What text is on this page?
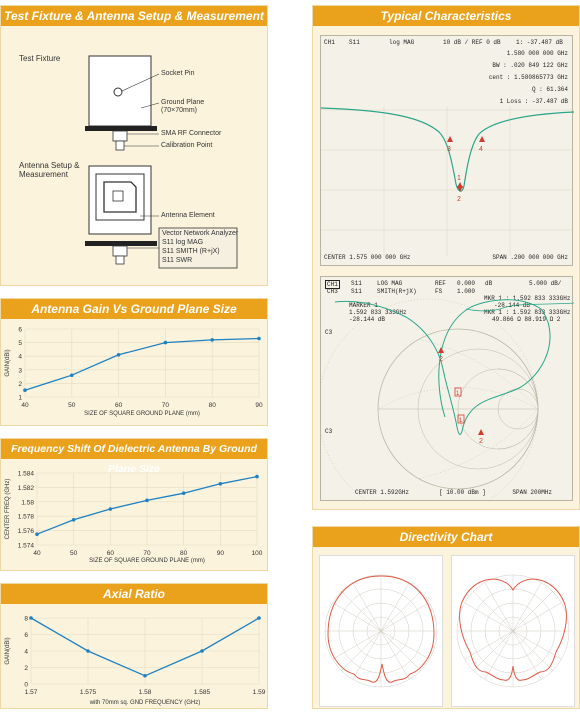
Test Fixture & Antenna Setup & Measurement
Test Fixture
Socket Pin
Ground Plane
(70×70mm)
SMA RF Connector
Calibration Point
Antenna Setup &
Measurement
Antenna Element
Vector Network Analyzer
S11 log MAG
S11 SMITH (R+jX)
S11 SWR
Antenna Gain Vs Ground Plane Size
1
2
3
4
5
6
40	50	60	70	80	90
SIZE OF SQUARE GROUND PLANE (mm)
GAIN(dBi)
Frequency Shift Of Dielectric Antenna By Ground Plane Size
1.574
1.576
1.578
1.58
1.582
1.584
40	50	60	70	80	90	100
SIZE OF SQUARE GROUND PLANE (mm)
CENTER FREQ (GHz)
Axial Ratio
0
2
4
6
8
1.57	1.575	1.58	1.585	1.59
with 70mm sq. GND FREQUENCY (GHz)
GAIN(dBi)
Typical Characteristics
CH1 S11	log MAG	10 dB / REF 0 dB	1: -37.487 dB
1.580 000 000 GHz
BW : .020 849 122 GHz
cent : 1.580865773 GHz
Q : 61.364
1 Loss : -37.487 dB
3
1
2
4
CENTER 1.575 000 000 GHz	SPAN .200 000 000 GHz
CH1	S11	LOG MAG	REF 0.000 dB	5.000 dB/
CH3 S11	SMITH(R+jX)	FS 1.000
MARKER 1
1.592 833 333GHz
-28.144 dB
MKR 1 : 1.592 833 333GHz
-28.144 dB
MKR 1 : 1.592 833 333GHz
49.866 Ω 88.919 Ω 2
C3
C3
2
1
1
2
CENTER 1.592GHz	[ 10.00 dBm ]	SPAN 200MHz
Directivity Chart
